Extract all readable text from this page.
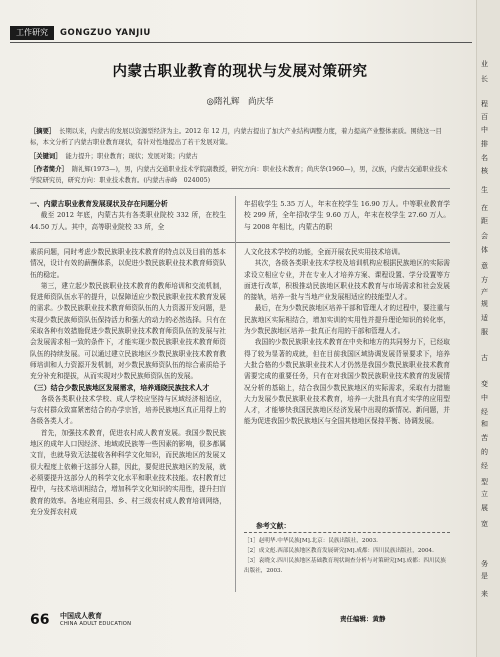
工作研究	GONGZUO YANJIU
内蒙古职业教育的现状与发展对策研究
◎隋礼辉　尚庆华
［摘要］ 长期以来，内蒙古的发展以资源型经济为主。2012 年 12 月，内蒙古提出了加大产业结构调整力度，着力提高产业整体素质。围绕这一目标，本文分析了内蒙古职业教育现状，有针对性地提出了若干发展对策。
［关键词］ 能力提升；职业教育；现状；发展对策；内蒙古
［作者简介］ 隋礼辉(1973—)，男，内蒙古交通职业技术学院副教授，研究方向：职业技术教育；尚庆华(1960—)，男，汉族，内蒙古交通职业技术学院研究员，研究方向：职业技术教育。(内蒙古赤峰　024005)
一、内蒙古职业教育发展现状及存在问题分析

截至 2012 年底，内蒙古共有各类职业院校 332 所，在校生 44.50 万人。其中，高等职业院校 33 所，全

年招收学生 5.35 万人，年末在校学生 16.90 万人。中等职业教育学校 299 所，全年招收学生 9.60 万人，年末在校学生 27.60 万人。与 2008 年相比，内蒙古的职

素质问题，同时考虑少数民族职业技术教育的特点以及目前的基本情况，设计有效的薪酬体系，以促进少数民族职业技术教育师资队伍的稳定。

第三，建立起少数民族职业技术教育的教师培训和交流机制，促进师资队伍水平的提升，以保障适应少数民族职业技术教育发展的需求。少数民族职业技术教育师资队伍的人力资源开发问题，是实现少数民族师资队伍保持活力和强大的动力的必然选择。只有在采取各种有效措施促进少数民族职业技术教育师资队伍的发展与社会发展需求相一致的条件下，才能实现少数民族职业技术教育师资队伍的持续发展。可以通过建立民族地区少数民族职业技术教育教师培训和人力资源开发机制，对少数民族师资队伍的综合素质给予充分补充和提拔，从而实现对少数民族师资队伍的发展。

（三）结合少数民族地区发展需求，培养通晓民族技术人才

各级各类职业技术学校、成人学校应坚持与区域经济相适应，与农村群众致富紧密结合的办学宗旨，培养民族地区真正用得上的各级各类人才。

首先，加强技术教育，促进农村成人教育发展。我国少数民族地区的成年人口因经济、地域或民族等一些因素的影响，很多都属文盲，也就导致无法接收各种科学文化知识，而民族地区的发展又很大程度上依赖于这部分人群，因此，要促进民族地区的发展，就必须要提升这部分人的科学文化水平和职业技术技能。农村教育过程中，与技术培训相结合，增加科学文化知识的实用性，提升扫盲教育的效率。各地应利用县、乡、村三级农村成人教育培训网络，充分发挥农村成

人文化技术学校的功能，全面开展农民实用技术培训。

其次，各级各类职业技术学校及培训机构应根据民族地区的实际需求设立相应专业，并在专业人才培养方案、课程设置、学分设置等方面进行改革，积极推动民族地区职业技术教育与市场需求和社会发展的接轨，培养一批与当地产业发展相适应的技能型人才。

最后，在为少数民族地区培养干部和管理人才的过程中，要注重与民族地区实际相结合，增加实训的实用性并提升理论知识的转化率，为少数民族地区培养一批真正有用的干部和管理人才。

我国的少数民族职业技术教育在中央和地方的共同努力下，已经取得了较为显著的成就，但在目前我国区域协调发展背景要求下，培养大批合格的少数民族职业技术人才仍然是我国少数民族职业技术教育需要完成的重要任务，只有在对我国少数民族职业技术教育的发展情况分析的基础上，结合我国少数民族地区的实际需求，采取有力措施大力发展少数民族职业技术教育，培养一大批具有真才实学的应用型人才，才能够快我国民族地区经济发展中出现的新情况、新问题，并能为促进我国少数民族地区与全国其他地区保持平衡、协调发展。

参考文献：

［1］赵明华.中华民族[M].北京：民族出版社，2003.

［2］成文彪.西部民族地区教育发展研究[M].成都：四川民族出版社，2004.

［3］袁晓文.四川民族地区基础教育现状调查分析与对策研究[M].成都：四川民族出版社，2003.

责任编辑：黄静
66 中国成人教育
CHINA ADULT EDUCATION
业
长
程
百
中
排
名
核
生
在
距
会
体
意
方
产
规
适
服
古
变
中
经
和
苦
的
经
型
立
展
宽
务
是
来
